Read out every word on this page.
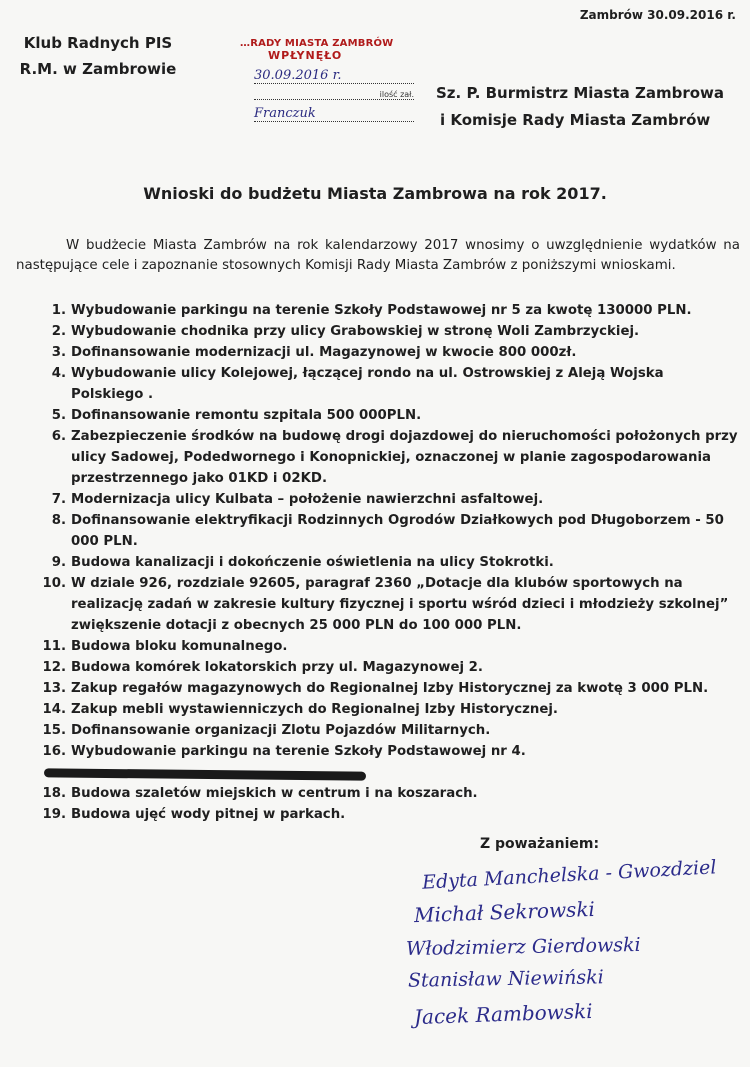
Zambrów 30.09.2016 r.
Klub Radnych PIS
R.M. w Zambrowie
…RADY MIASTA ZAMBRÓW
WPŁYNĘŁO
30.09.2016 r.
ilość zał.
Franczuk
Sz. P. Burmistrz Miasta Zambrowa
i Komisje Rady Miasta Zambrów
Wnioski do budżetu Miasta Zambrowa na rok 2017.

W budżecie Miasta Zambrów na rok kalendarzowy 2017 wnosimy o uwzględnienie wydatków na następujące cele i zapoznanie stosownych Komisji Rady Miasta Zambrów z poniższymi wnioskami.

1. Wybudowanie parkingu na terenie Szkoły Podstawowej nr 5 za kwotę 130000 PLN.
2. Wybudowanie chodnika przy ulicy Grabowskiej w stronę Woli Zambrzyckiej.
3. Dofinansowanie modernizacji ul. Magazynowej w kwocie 800 000zł.
4. Wybudowanie ulicy Kolejowej, łączącej rondo na ul. Ostrowskiej z Aleją Wojska Polskiego .
5. Dofinansowanie remontu szpitala 500 000PLN.
6. Zabezpieczenie środków na budowę drogi dojazdowej do nieruchomości położonych przy ulicy Sadowej, Podedwornego i Konopnickiej, oznaczonej w planie zagospodarowania przestrzennego jako 01KD i 02KD.
7. Modernizacja ulicy Kulbata – położenie nawierzchni asfaltowej.
8. Dofinansowanie elektryfikacji Rodzinnych Ogrodów Działkowych pod Długoborzem - 50 000 PLN.
9. Budowa kanalizacji i dokończenie oświetlenia na ulicy Stokrotki.
10. W dziale 926, rozdziale 92605, paragraf 2360 „Dotacje dla klubów sportowych na realizację zadań w zakresie kultury fizycznej i sportu wśród dzieci i młodzieży szkolnej” zwiększenie dotacji z obecnych 25 000 PLN do 100 000 PLN.
11. Budowa bloku komunalnego.
12. Budowa komórek lokatorskich przy ul. Magazynowej 2.
13. Zakup regałów magazynowych do Regionalnej Izby Historycznej za kwotę 3 000 PLN.
14. Zakup mebli wystawienniczych do Regionalnej Izby Historycznej.
15. Dofinansowanie organizacji Zlotu Pojazdów Militarnych.
16. Wybudowanie parkingu na terenie Szkoły Podstawowej nr 4.
18. Budowa szaletów miejskich w centrum i na koszarach.
19. Budowa ujęć wody pitnej w parkach.
Z poważaniem:
Edyta Manchelska - Gwozdziel
Michał Sekrowski
Włodzimierz Gierdowski
Stanisław Niewiński
Jacek Rambowski
